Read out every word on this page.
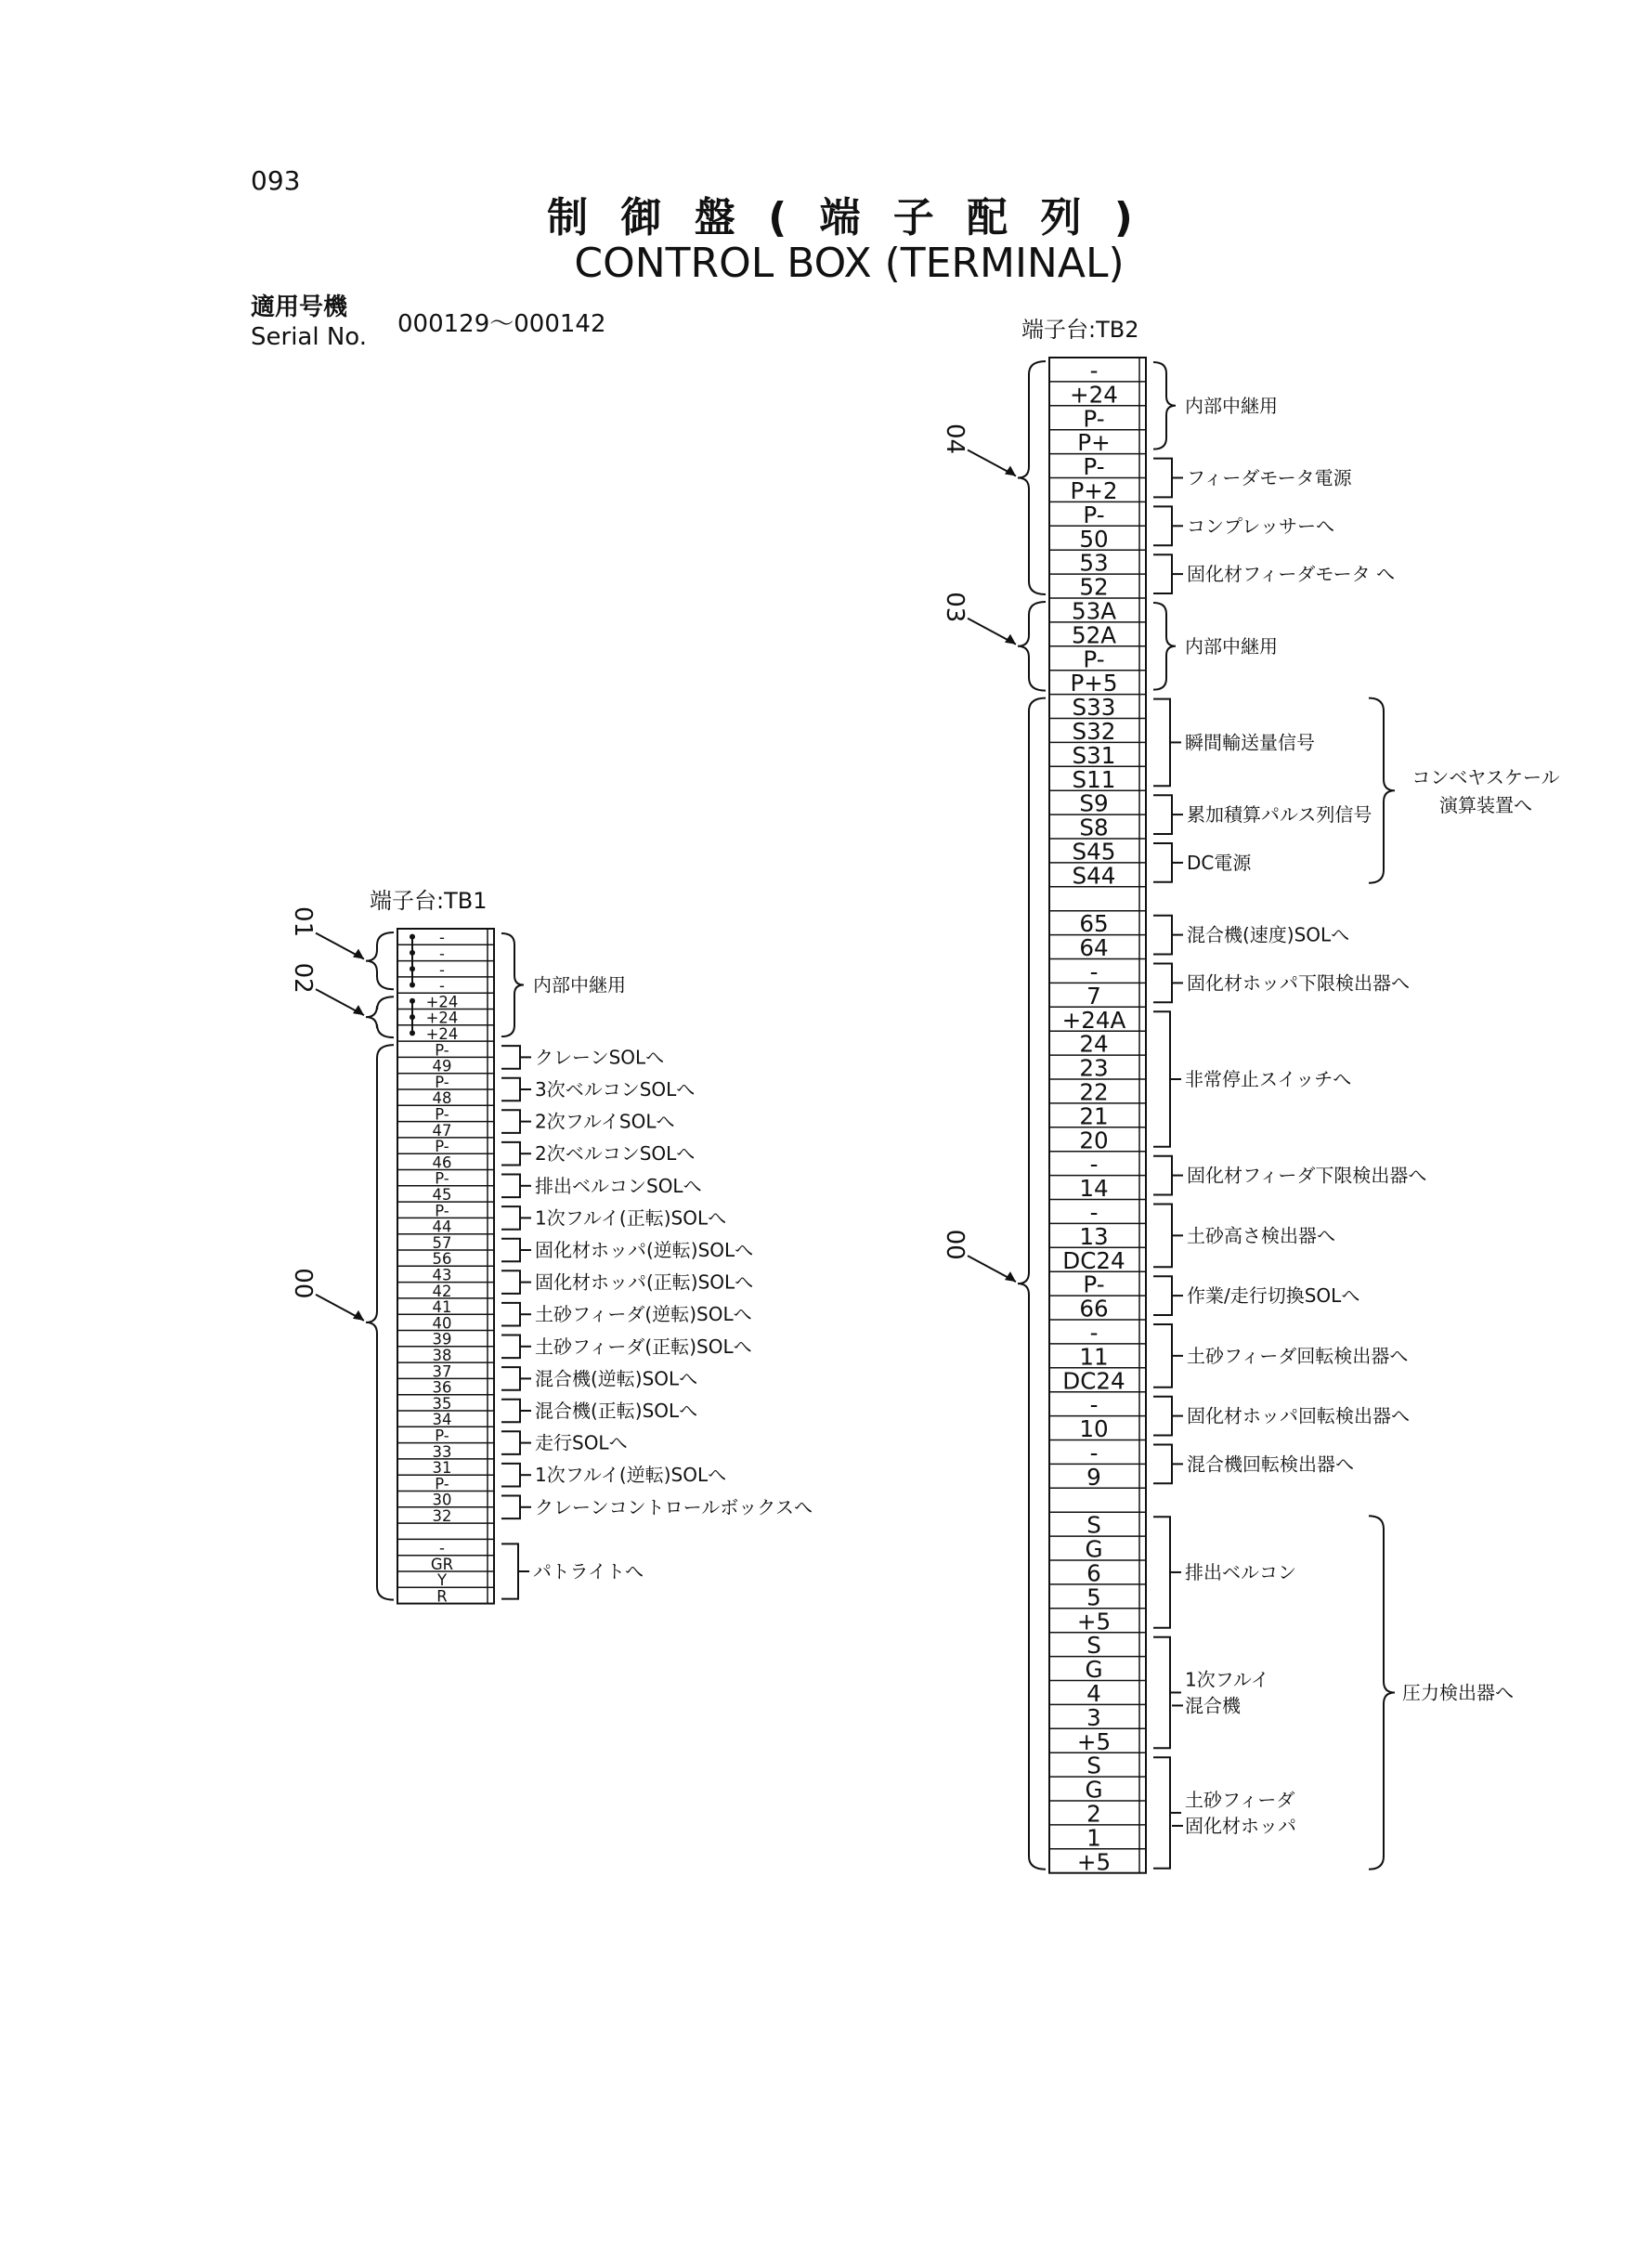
093
制 御 盤 ( 端 子 配 列 )
CONTROL BOX (TERMINAL)
適用号機
Serial No. 000129〜000142
端子台:TB1
-
-
-
-
+24
+24
+24
P-
49
P-
48
P-
47
P-
46
P-
45
P-
44
57
56
43
42
41
40
39
38
37
36
35
34
P-
33
31
P-
30
32
-
GR
Y
R
01
02
00
内部中継用
クレーンSOLへ
3次ベルコンSOLへ
2次フルイSOLへ
2次ベルコンSOLへ
排出ベルコンSOLへ
1次フルイ(正転)SOLへ
固化材ホッパ(逆転)SOLへ
固化材ホッパ(正転)SOLへ
土砂フィーダ(逆転)SOLへ
土砂フィーダ(正転)SOLへ
混合機(逆転)SOLへ
混合機(正転)SOLへ
走行SOLへ
1次フルイ(逆転)SOLへ
クレーンコントロールボックスへ
パトライトへ
端子台:TB2
-
+24
P-
P+
P-
P+2
P-
50
53
52
53A
52A
P-
P+5
S33
S32
S31
S11
S9
S8
S45
S44
65
64
-
7
+24A
24
23
22
21
20
-
14
-
13
DC24
P-
66
-
11
DC24
-
10
-
9
S
G
6
5
+5
S
G
4
3
+5
S
G
2
1
+5
04
03
00
内部中継用
フィーダモータ電源
コンプレッサーへ
固化材フィーダモータ へ
内部中継用
瞬間輸送量信号
累加積算パルス列信号
DC電源
混合機(速度)SOLへ
固化材ホッパ下限検出器へ
非常停止スイッチへ
固化材フィーダ下限検出器へ
土砂高さ検出器へ
作業/走行切換SOLへ
土砂フィーダ回転検出器へ
固化材ホッパ回転検出器へ
混合機回転検出器へ
排出ベルコン
1次フルイ
混合機
土砂フィーダ
固化材ホッパ
コンベヤスケール
演算装置へ
圧力検出器へ
